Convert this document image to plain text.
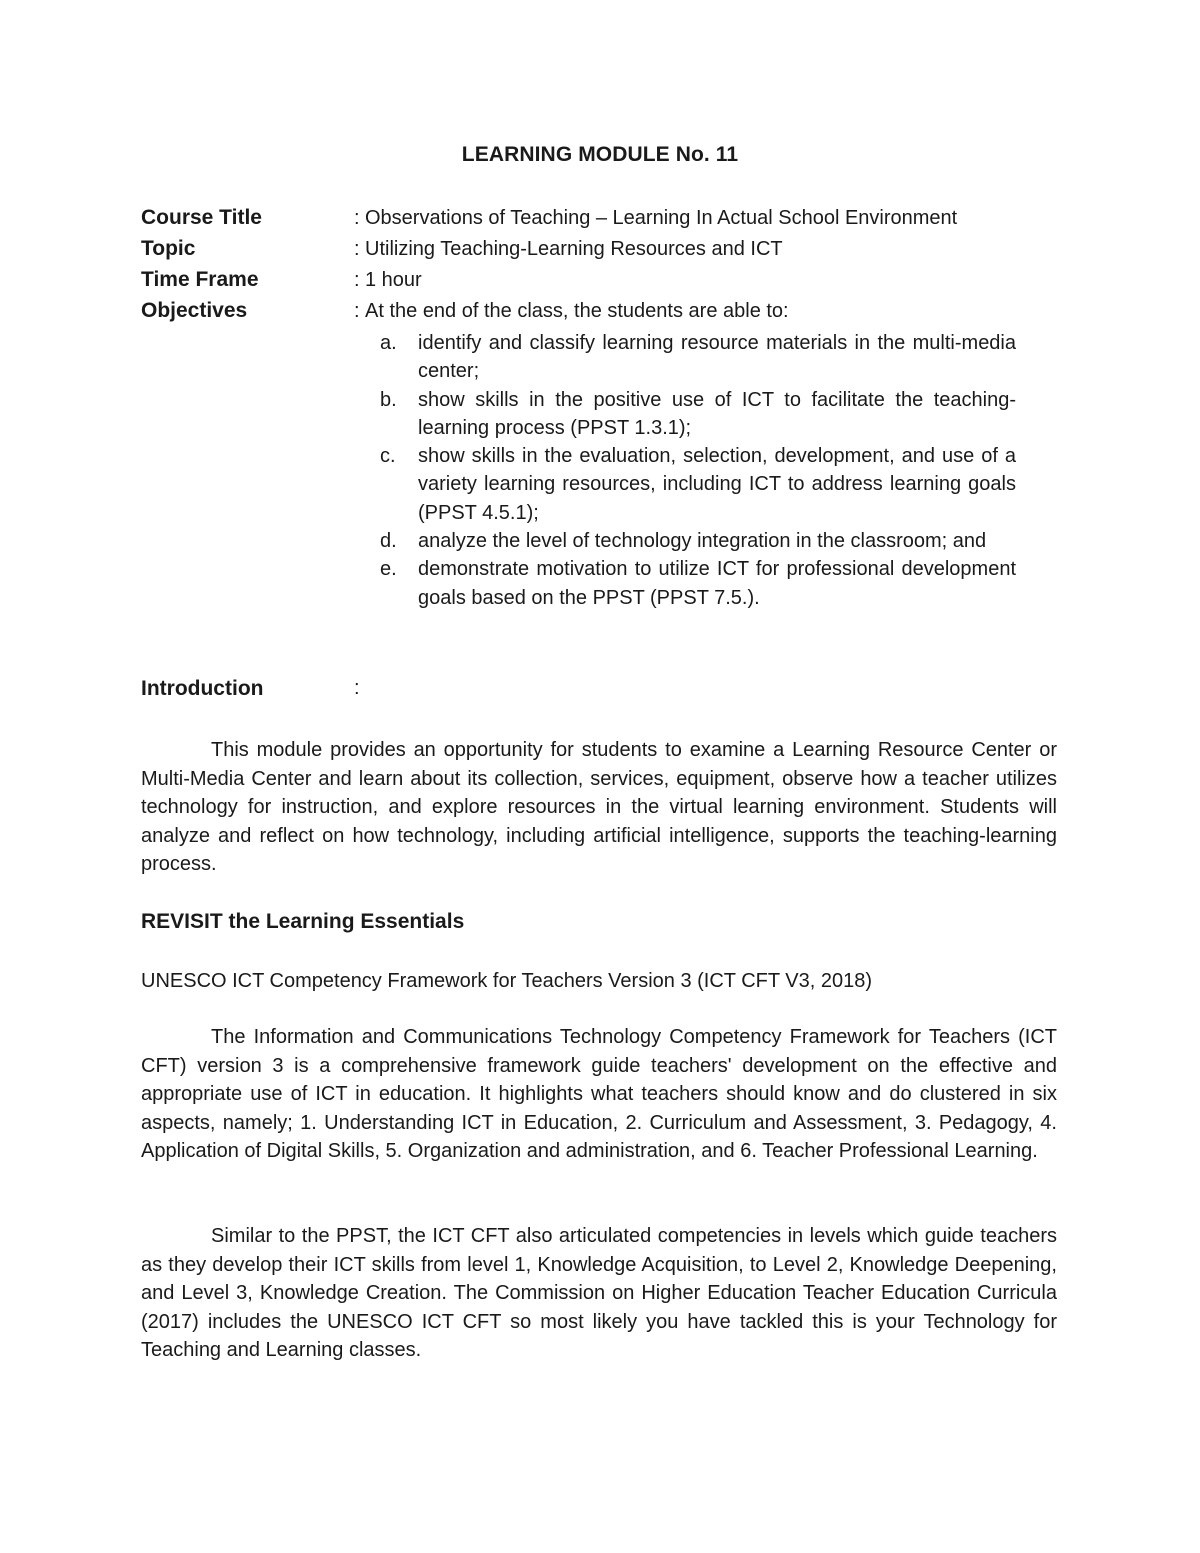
LEARNING MODULE No. 11
Course Title	: Observations of Teaching – Learning In Actual School Environment
Topic	: Utilizing Teaching-Learning Resources and ICT
Time Frame	: 1 hour
Objectives	: At the end of the class, the students are able to:
a. identify and classify learning resource materials in the multi-media center;
b. show skills in the positive use of ICT to facilitate the teaching-learning process (PPST 1.3.1);
c. show skills in the evaluation, selection, development, and use of a variety learning resources, including ICT to address learning goals (PPST 4.5.1);
d. analyze the level of technology integration in the classroom; and
e. demonstrate motivation to utilize ICT for professional development goals based on the PPST (PPST 7.5.).
Introduction	:
This module provides an opportunity for students to examine a Learning Resource Center or Multi-Media Center and learn about its collection, services, equipment, observe how a teacher utilizes technology for instruction, and explore resources in the virtual learning environment. Students will analyze and reflect on how technology, including artificial intelligence, supports the teaching-learning process.
REVISIT the Learning Essentials
UNESCO ICT Competency Framework for Teachers Version 3 (ICT CFT V3, 2018)
The Information and Communications Technology Competency Framework for Teachers (ICT CFT) version 3 is a comprehensive framework guide teachers' development on the effective and appropriate use of ICT in education. It highlights what teachers should know and do clustered in six aspects, namely; 1. Understanding ICT in Education, 2. Curriculum and Assessment, 3. Pedagogy, 4. Application of Digital Skills, 5. Organization and administration, and 6. Teacher Professional Learning.
Similar to the PPST, the ICT CFT also articulated competencies in levels which guide teachers as they develop their ICT skills from level 1, Knowledge Acquisition, to Level 2, Knowledge Deepening, and Level 3, Knowledge Creation. The Commission on Higher Education Teacher Education Curricula (2017) includes the UNESCO ICT CFT so most likely you have tackled this is your Technology for Teaching and Learning classes.
